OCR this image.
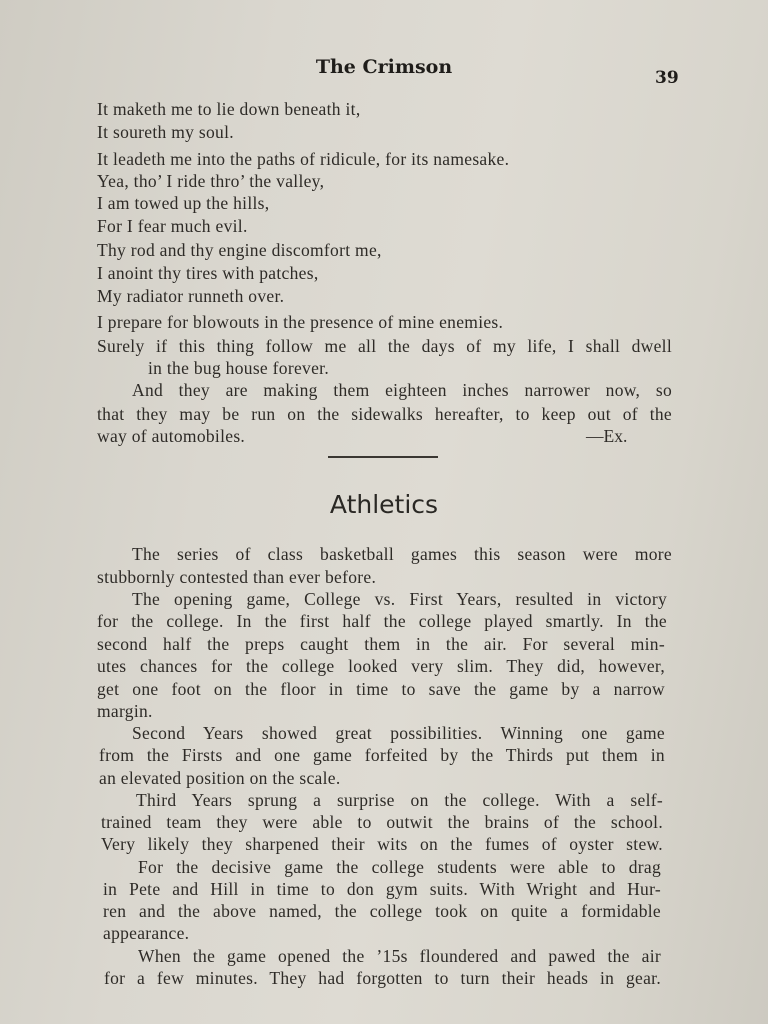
The Crimson	39
It maketh me to lie down beneath it,
It soureth my soul.
It leadeth me into the paths of ridicule, for its namesake.
Yea, tho’ I ride thro’ the valley,
I am towed up the hills,
For I fear much evil.
Thy rod and thy engine discomfort me,
I anoint thy tires with patches,
My radiator runneth over.
I prepare for blowouts in the presence of mine enemies.
Surely if this thing follow me all the days of my life, I shall dwell
in the bug house forever.
And they are making them eighteen inches narrower now, so
that they may be run on the sidewalks hereafter, to keep out of the
way of automobiles.	—Ex.
Athletics
The series of class basketball games this season were more
stubbornly contested than ever before.
The opening game, College vs. First Years, resulted in victory
for the college. In the first half the college played smartly. In the
second half the preps caught them in the air. For several min-
utes chances for the college looked very slim. They did, however,
get one foot on the floor in time to save the game by a narrow
margin.
Second Years showed great possibilities. Winning one game
from the Firsts and one game forfeited by the Thirds put them in
an elevated position on the scale.
Third Years sprung a surprise on the college. With a self-
trained team they were able to outwit the brains of the school.
Very likely they sharpened their wits on the fumes of oyster stew.
For the decisive game the college students were able to drag
in Pete and Hill in time to don gym suits. With Wright and Hur-
ren and the above named, the college took on quite a formidable
appearance.
When the game opened the ’15s floundered and pawed the air
for a few minutes. They had forgotten to turn their heads in gear.
